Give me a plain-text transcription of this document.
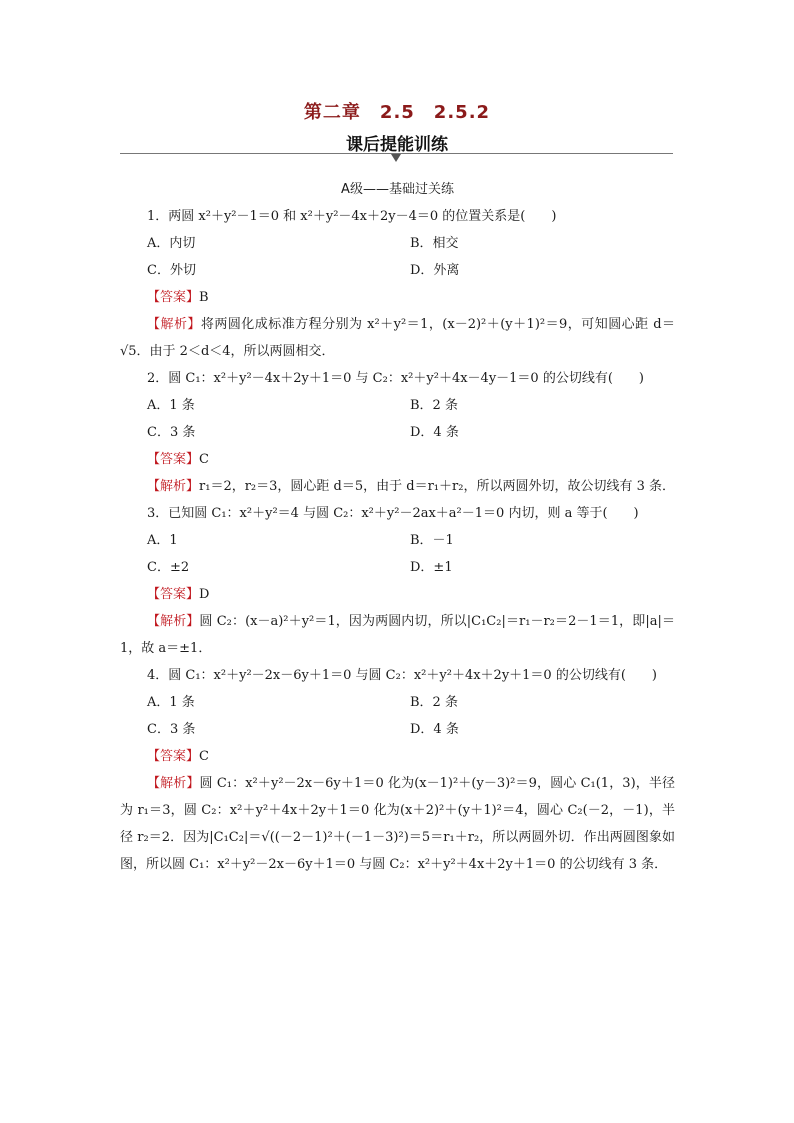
第二章　2.5　2.5.2
课后提能训练
A级——基础过关练
1．两圆 x²＋y²－1＝0 和 x²＋y²－4x＋2y－4＝0 的位置关系是(　　)
A．内切	B．相交
C．外切	D．外离
【答案】B
【解析】将两圆化成标准方程分别为 x²＋y²＝1，(x－2)²＋(y＋1)²＝9，可知圆心距 d＝√5．由于 2＜d＜4，所以两圆相交．
2．圆 C₁：x²＋y²－4x＋2y＋1＝0 与 C₂：x²＋y²＋4x－4y－1＝0 的公切线有(　　)
A．1 条	B．2 条
C．3 条	D．4 条
【答案】C
【解析】r₁＝2，r₂＝3，圆心距 d＝5，由于 d＝r₁＋r₂，所以两圆外切，故公切线有 3 条．
3．已知圆 C₁：x²＋y²＝4 与圆 C₂：x²＋y²－2ax＋a²－1＝0 内切，则 a 等于(　　)
A．1	B．－1
C．±2	D．±1
【答案】D
【解析】圆 C₂：(x－a)²＋y²＝1，因为两圆内切，所以|C₁C₂|＝r₁－r₂＝2－1＝1，即|a|＝1，故 a＝±1．
4．圆 C₁：x²＋y²－2x－6y＋1＝0 与圆 C₂：x²＋y²＋4x＋2y＋1＝0 的公切线有(　　)
A．1 条	B．2 条
C．3 条	D．4 条
【答案】C
【解析】圆 C₁：x²＋y²－2x－6y＋1＝0 化为(x－1)²＋(y－3)²＝9，圆心 C₁(1，3)，半径为 r₁＝3，圆 C₂：x²＋y²＋4x＋2y＋1＝0 化为(x＋2)²＋(y＋1)²＝4，圆心 C₂(－2，－1)，半径 r₂＝2．因为|C₁C₂|＝√((－2－1)²＋(－1－3)²)＝5＝r₁＋r₂，所以两圆外切．作出两圆图象如图，所以圆 C₁：x²＋y²－2x－6y＋1＝0 与圆 C₂：x²＋y²＋4x＋2y＋1＝0 的公切线有 3 条．
